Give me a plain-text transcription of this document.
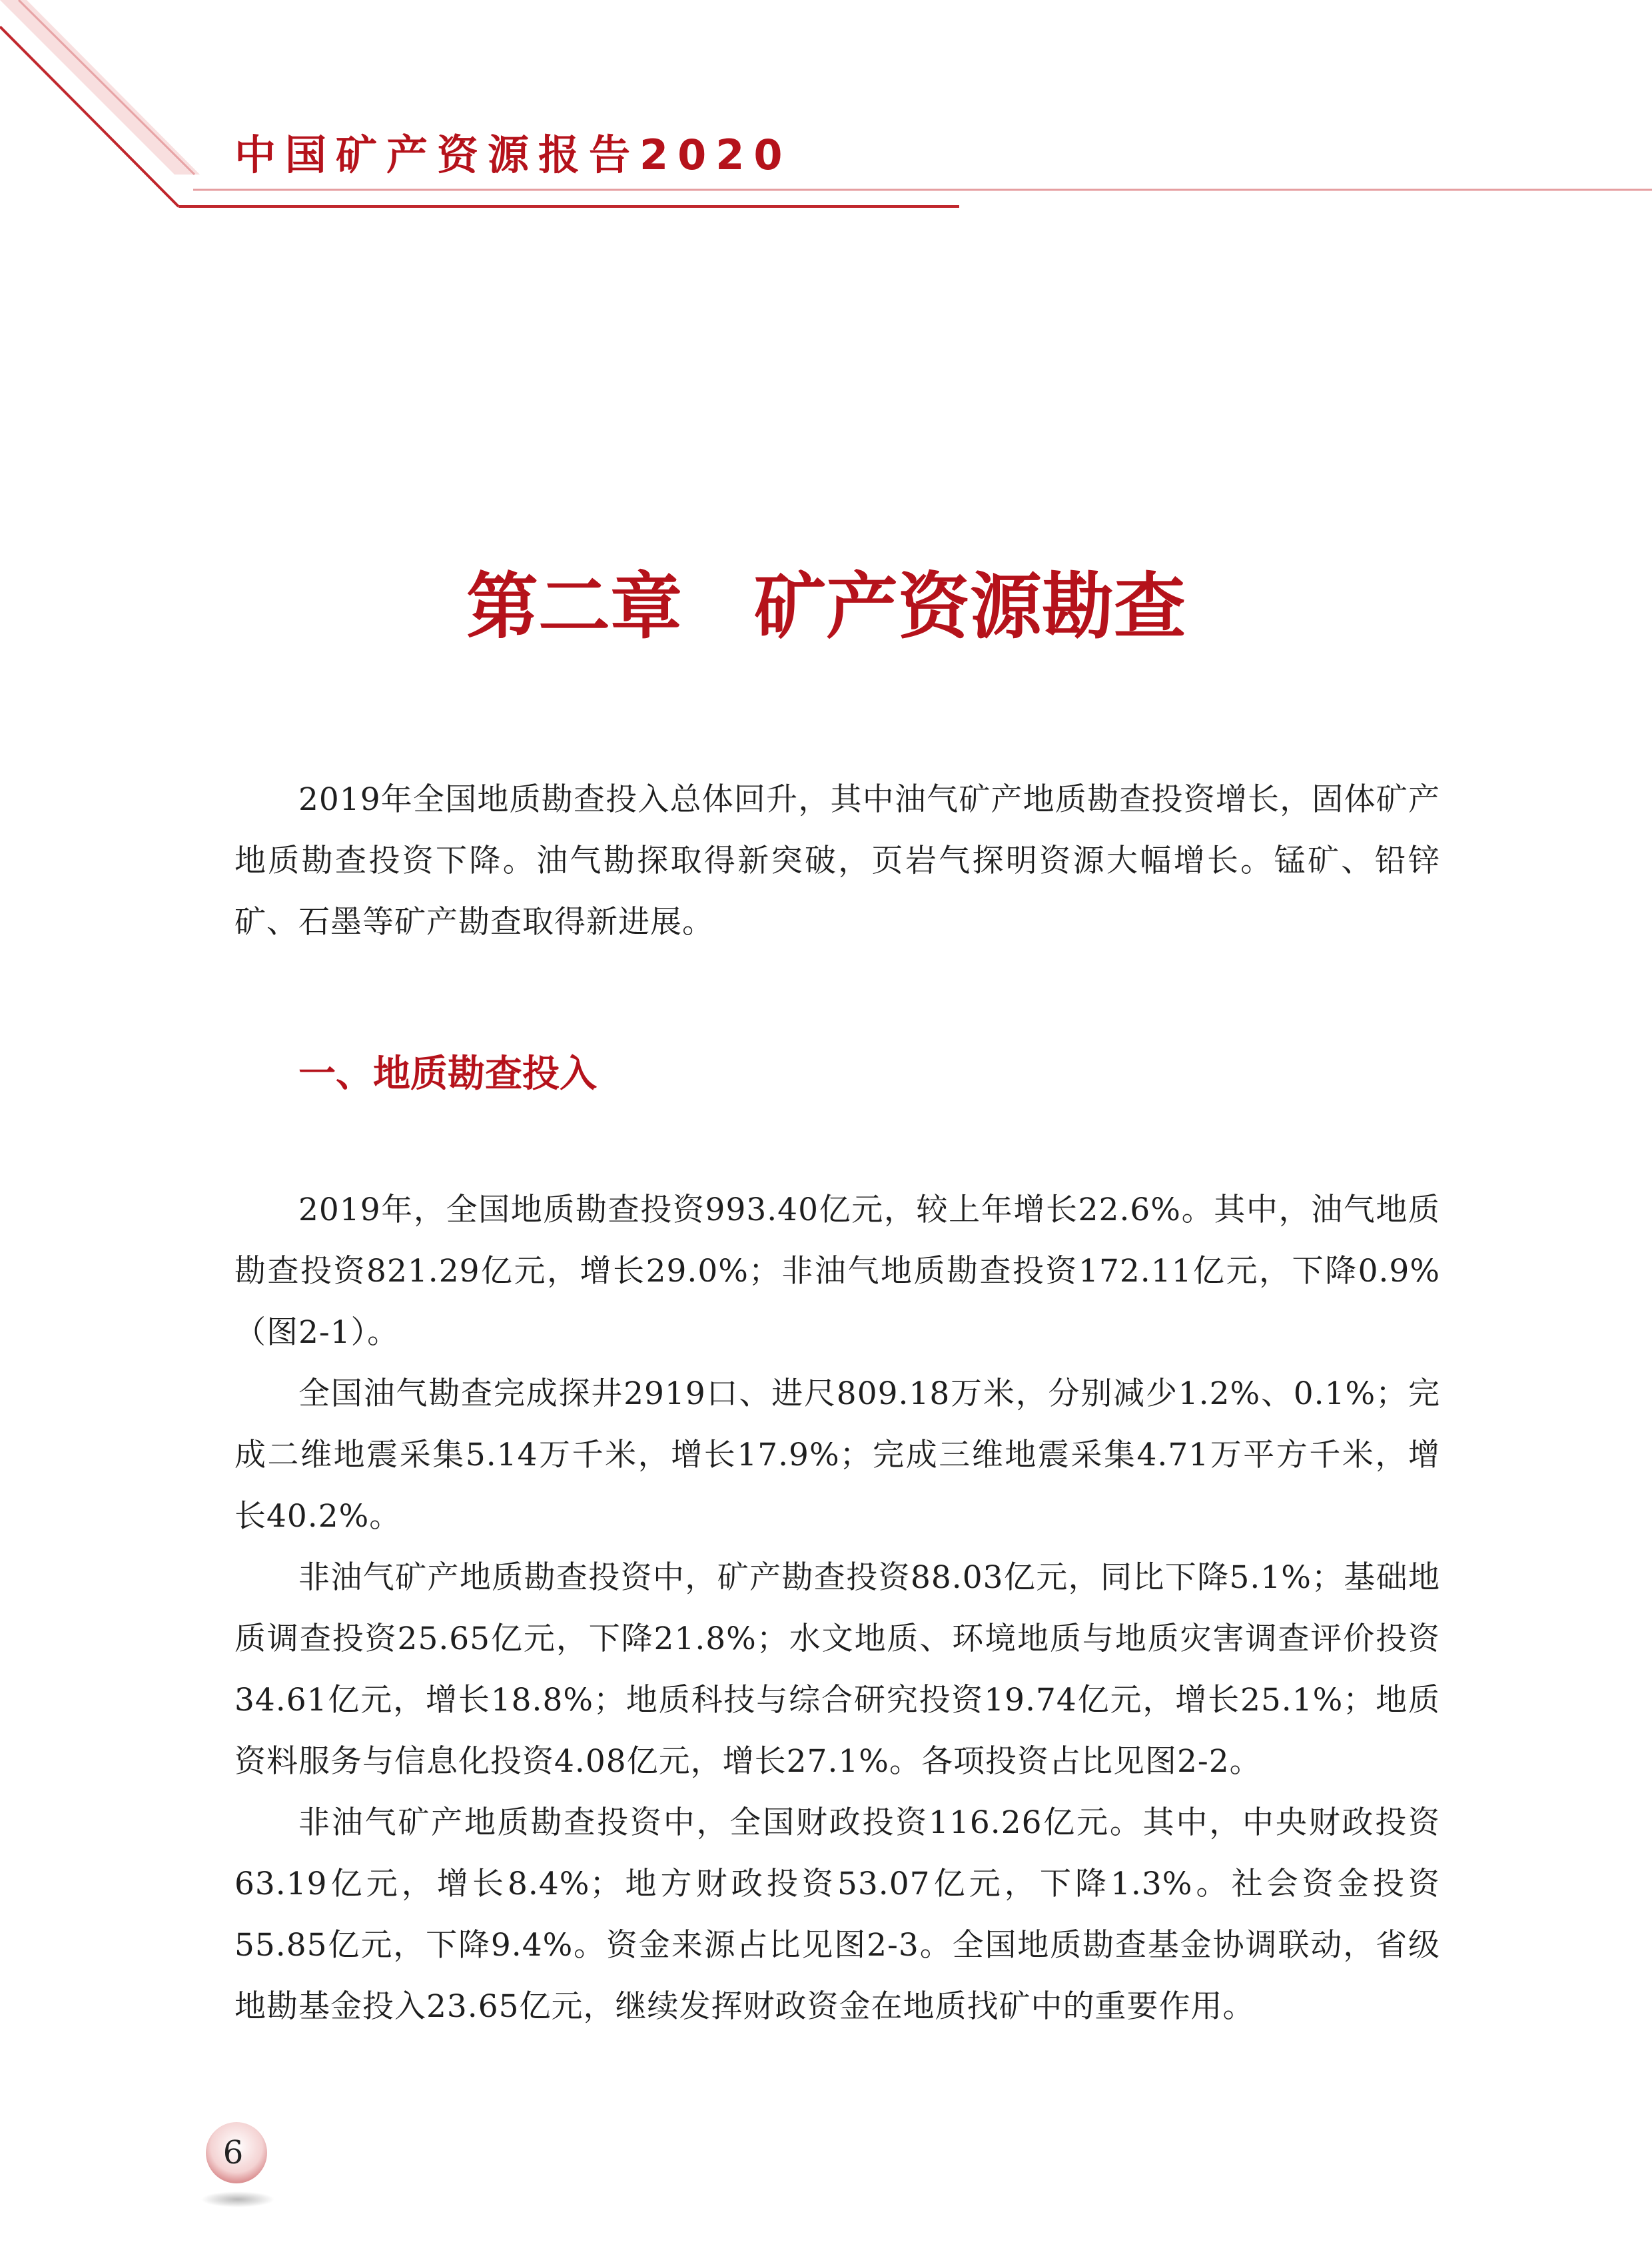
中国矿产资源报告2020
第二章　矿产资源勘查

2019年全国地质勘查投入总体回升，其中油气矿产地质勘查投资增长，固体矿产地质勘查投资下降。油气勘探取得新突破，页岩气探明资源大幅增长。锰矿、铅锌矿、石墨等矿产勘查取得新进展。

一、地质勘查投入

2019年，全国地质勘查投资993.40亿元，较上年增长22.6%。其中，油气地质勘查投资821.29亿元，增长29.0%；非油气地质勘查投资172.11亿元，下降0.9%（图2-1）。

全国油气勘查完成探井2919口、进尺809.18万米，分别减少1.2%、0.1%；完成二维地震采集5.14万千米，增长17.9%；完成三维地震采集4.71万平方千米，增长40.2%。

非油气矿产地质勘查投资中，矿产勘查投资88.03亿元，同比下降5.1%；基础地质调查投资25.65亿元，下降21.8%；水文地质、环境地质与地质灾害调查评价投资34.61亿元，增长18.8%；地质科技与综合研究投资19.74亿元，增长25.1%；地质资料服务与信息化投资4.08亿元，增长27.1%。各项投资占比见图2-2。

非油气矿产地质勘查投资中，全国财政投资116.26亿元。其中，中央财政投资63.19亿元，增长8.4%；地方财政投资53.07亿元，下降1.3%。社会资金投资55.85亿元，下降9.4%。资金来源占比见图2-3。全国地质勘查基金协调联动，省级地勘基金投入23.65亿元，继续发挥财政资金在地质找矿中的重要作用。

6
